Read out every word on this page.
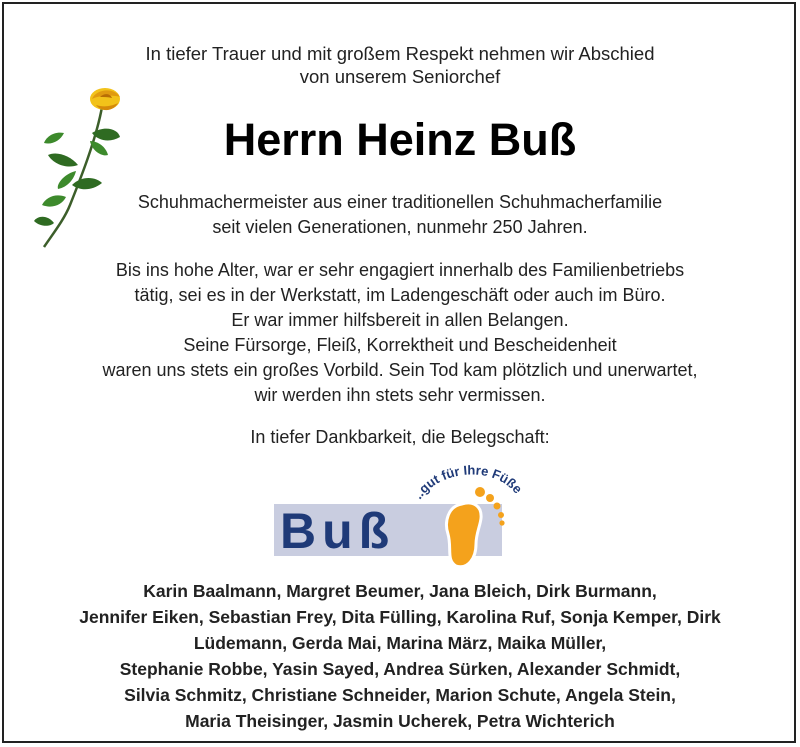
In tiefer Trauer und mit großem Respekt nehmen wir Abschied
von unserem Seniorchef
Herrn Heinz Buß
Schuhmachermeister aus einer traditionellen Schuhmacherfamilie
seit vielen Generationen, nunmehr 250 Jahren.
Bis ins hohe Alter, war er sehr engagiert innerhalb des Familienbetriebs
tätig, sei es in der Werkstatt, im Ladengeschäft oder auch im Büro.
Er war immer hilfsbereit in allen Belangen.
Seine Fürsorge, Fleiß, Korrektheit und Bescheidenheit
waren uns stets ein großes Vorbild. Sein Tod kam plötzlich und unerwartet,
wir werden ihn stets sehr vermissen.
In tiefer Dankbarkeit, die Belegschaft:
Buß
..gut für Ihre Füße
Karin Baalmann, Margret Beumer, Jana Bleich, Dirk Burmann,
Jennifer Eiken, Sebastian Frey, Dita Fülling, Karolina Ruf, Sonja Kemper, Dirk
Lüdemann, Gerda Mai, Marina März, Maika Müller,
Stephanie Robbe, Yasin Sayed, Andrea Sürken, Alexander Schmidt,
Silvia Schmitz, Christiane Schneider, Marion Schute, Angela Stein,
Maria Theisinger, Jasmin Ucherek, Petra Wichterich
